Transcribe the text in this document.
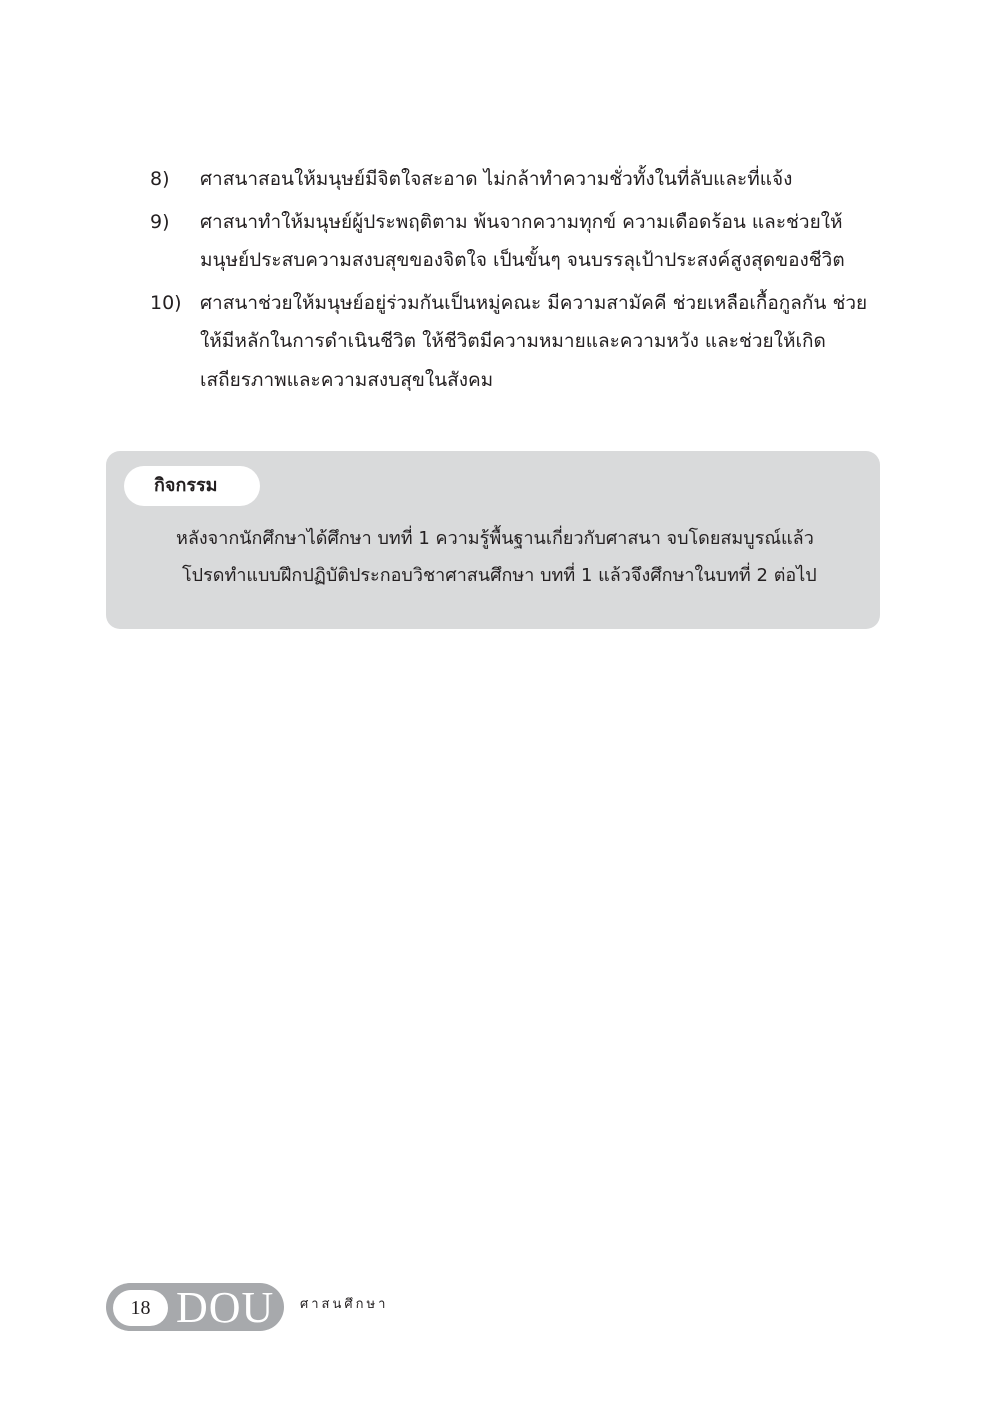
8)	ศาสนาสอนให้มนุษย์มีจิตใจสะอาด ไม่กล้าทำความชั่วทั้งในที่ลับและที่แจ้ง
9)	ศาสนาทำให้มนุษย์ผู้ประพฤติตาม พ้นจากความทุกข์ ความเดือดร้อน และช่วยให้
มนุษย์ประสบความสงบสุขของจิตใจ เป็นขั้นๆ จนบรรลุเป้าประสงค์สูงสุดของชีวิต
10) ศาสนาช่วยให้มนุษย์อยู่ร่วมกันเป็นหมู่คณะ มีความสามัคคี ช่วยเหลือเกื้อกูลกัน ช่วย
ให้มีหลักในการดำเนินชีวิต ให้ชีวิตมีความหมายและความหวัง และช่วยให้เกิด
เสถียรภาพและความสงบสุขในสังคม
กิจกรรม
หลังจากนักศึกษาได้ศึกษา บทที่ 1 ความรู้พื้นฐานเกี่ยวกับศาสนา จบโดยสมบูรณ์แล้ว
โปรดทำแบบฝึกปฏิบัติประกอบวิชาศาสนศึกษา บทที่ 1 แล้วจึงศึกษาในบทที่ 2 ต่อไป
18 DOU ศาสนศึกษา
